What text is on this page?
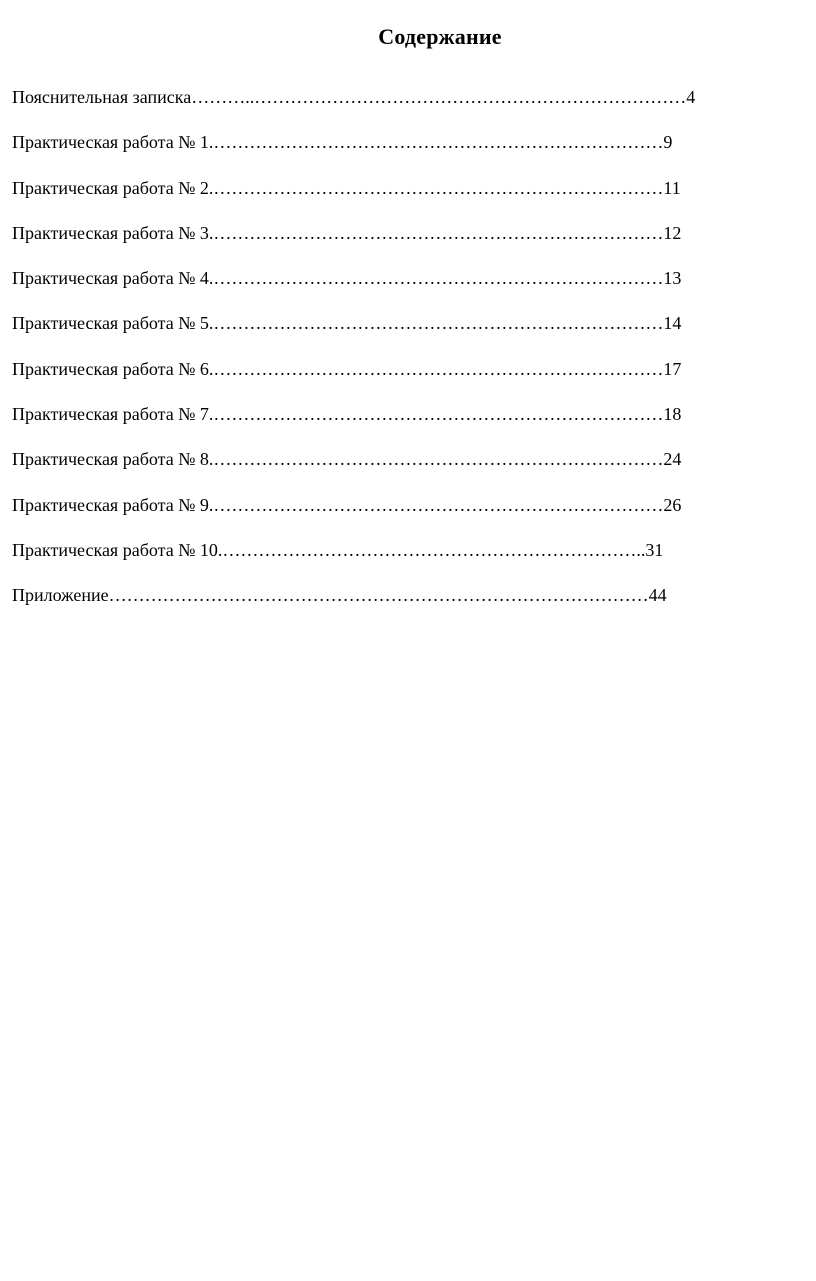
Содержание
Пояснительная записка ………..……………………………………………………………… 4
Практическая работа № 1. ………………………………………………………………… 9
Практическая работа № 2. ………………………………………………………………… 11
Практическая работа № 3. ………………………………………………………………… 12
Практическая работа № 4. ………………………………………………………………… 13
Практическая работа № 5. ………………………………………………………………… 14
Практическая работа № 6. ………………………………………………………………… 17
Практическая работа № 7. ………………………………………………………………… 18
Практическая работа № 8. ………………………………………………………………… 24
Практическая работа № 9. ………………………………………………………………… 26
Практическая работа № 10. …………………………………………………………….. 31
Приложение ……………………………………………………………………………… 44
